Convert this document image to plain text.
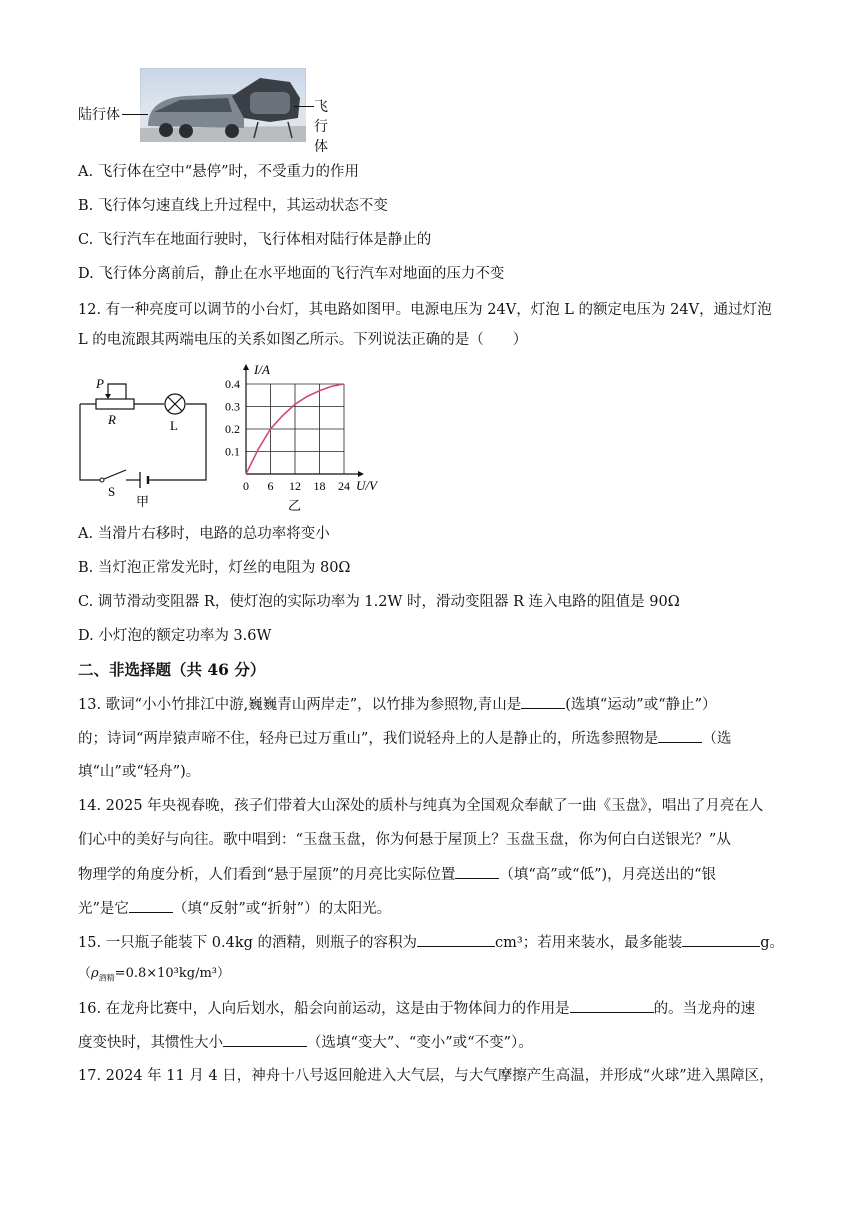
陆行体	飞行体
A. 飞行体在空中“悬停”时，不受重力的作用
B. 飞行体匀速直线上升过程中，其运动状态不变
C. 飞行汽车在地面行驶时，飞行体相对陆行体是静止的
D. 飞行体分离前后，静止在水平地面的飞行汽车对地面的压力不变
12. 有一种亮度可以调节的小台灯，其电路如图甲。电源电压为 24V，灯泡 L 的额定电压为 24V，通过灯泡
L 的电流跟其两端电压的关系如图乙所示。下列说法正确的是（　　）
P
R	L
S
甲
0 6 12 18 24
0.1
0.2
0.3
0.4
I/A
U/V
乙
A. 当滑片右移时，电路的总功率将变小
B. 当灯泡正常发光时，灯丝的电阻为 80Ω
C. 调节滑动变阻器 R，使灯泡的实际功率为 1.2W 时，滑动变阻器 R 连入电路的阻值是 90Ω
D. 小灯泡的额定功率为 3.6W
二、非选择题（共 46 分）
13. 歌词“小小竹排江中游,巍巍青山两岸走”，以竹排为参照物,青山是	(选填“运动”或“静止”）
的；诗词“两岸猿声啼不住，轻舟已过万重山”，我们说轻舟上的人是静止的，所选参照物是	（选
填“山”或“轻舟”)。
14. 2025 年央视春晚，孩子们带着大山深处的质朴与纯真为全国观众奉献了一曲《玉盘》，唱出了月亮在人
们心中的美好与向往。歌中唱到：“玉盘玉盘，你为何悬于屋顶上？玉盘玉盘，你为何白白送银光？”从
物理学的角度分析，人们看到“悬于屋顶”的月亮比实际位置	（填“高”或“低”)，月亮送出的“银
光”是它	（填“反射”或“折射”）的太阳光。
15. 一只瓶子能装下 0.4kg 的酒精，则瓶子的容积为	cm³；若用来装水，最多能装	g。
$(\rho_{酒精}=0.8\times 10^3kg/m^3)$
16. 在龙舟比赛中，人向后划水，船会向前运动，这是由于物体间力的作用是	的。当龙舟的速
度变快时，其惯性大小	（选填“变大”、“变小”或“不变”）。
17. 2024 年 11 月 4 日，神舟十八号返回舱进入大气层，与大气摩擦产生高温，并形成“火球”进入黑障区，
